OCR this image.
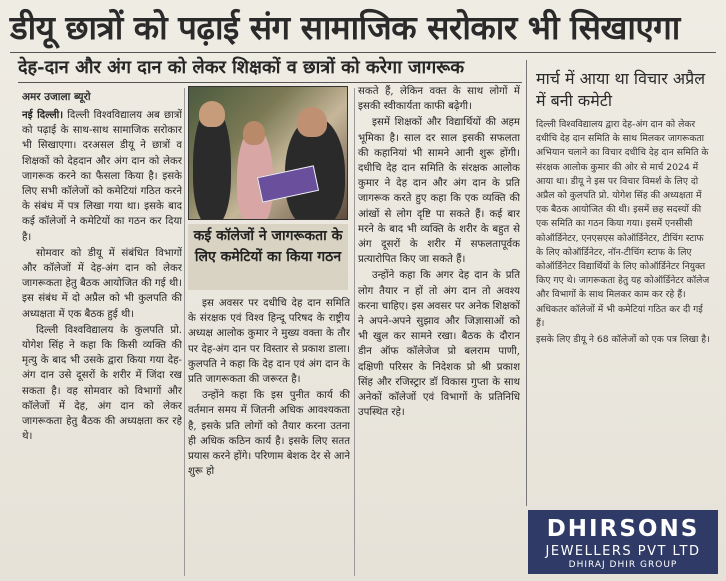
डीयू छात्रों को पढ़ाई संग सामाजिक सरोकार भी सिखाएगा
देह-दान और अंग दान को लेकर शिक्षकों व छात्रों को करेगा जागरूक
अमर उजाला ब्यूरो

नई दिल्ली। दिल्ली विश्वविद्यालय अब छात्रों को पढ़ाई के साथ-साथ सामाजिक सरोकार भी सिखाएगा। दरअसल डीयू ने छात्रों व शिक्षकों को देहदान और अंग दान को लेकर जागरूक करने का फैसला किया है। इसके लिए सभी कॉलेजों को कमेटियां गठित करने के संबंध में पत्र लिखा गया था। इसके बाद कई कॉलेजों ने कमेटियों का गठन कर दिया है।

सोमवार को डीयू में संबंधित विभागों और कॉलेजों में देह-अंग दान को लेकर जागरूकता हेतु बैठक आयोजित की गई थी। इस संबंध में दो अप्रैल को भी कुलपति की अध्यक्षता में एक बैठक हुई थी।

दिल्ली विश्वविद्यालय के कुलपति प्रो. योगेश सिंह ने कहा कि किसी व्यक्ति की मृत्यु के बाद भी उसके द्वारा किया गया देह-अंग दान उसे दूसरों के शरीर में जिंदा रख सकता है। वह सोमवार को विभागों और कॉलेजों में देह, अंग दान को लेकर जागरूकता हेतु बैठक की अध्यक्षता कर रहे थे।

कई कॉलेजों ने जागरूकता के लिए कमेटियों का किया गठन

इस अवसर पर दधीचि देह दान समिति के संरक्षक एवं विश्व हिन्दू परिषद के राष्ट्रीय अध्यक्ष आलोक कुमार ने मुख्य वक्ता के तौर पर देह-अंग दान पर विस्तार से प्रकाश डाला। कुलपति ने कहा कि देह दान एवं अंग दान के प्रति जागरूकता की जरूरत है।

उन्होंने कहा कि इस पुनीत कार्य की वर्तमान समय में जितनी अधिक आवश्यकता है, इसके प्रति लोगों को तैयार करना उतना ही अधिक कठिन कार्य है। इसके लिए सतत प्रयास करने होंगे। परिणाम बेशक देर से आने शुरू हो

सकते हैं, लेकिन वक्त के साथ लोगों में इसकी स्वीकार्यता काफी बढ़ेगी।

इसमें शिक्षकों और विद्यार्थियों की अहम भूमिका है। साल दर साल इसकी सफलता की कहानियां भी सामने आनी शुरू होंगी। दधीचि देह दान समिति के संरक्षक आलोक कुमार ने देह दान और अंग दान के प्रति जागरूक करते हुए कहा कि एक व्यक्ति की आंखों से लोग दृष्टि पा सकते हैं। कई बार मरने के बाद भी व्यक्ति के शरीर के बहुत से अंग दूसरों के शरीर में सफलतापूर्वक प्रत्यारोपित किए जा सकते हैं।

उन्होंने कहा कि अगर देह दान के प्रति लोग तैयार न हों तो अंग दान तो अवश्य करना चाहिए। इस अवसर पर अनेक शिक्षकों ने अपने-अपने सुझाव और जिज्ञासाओं को भी खुल कर सामने रखा। बैठक के दौरान डीन ऑफ कॉलेजेज प्रो बलराम पाणी, दक्षिणी परिसर के निदेशक प्रो श्री प्रकाश सिंह और रजिस्ट्रार डॉ विकास गुप्ता के साथ अनेकों कॉलेजों एवं विभागों के प्रतिनिधि उपस्थित रहे।

मार्च में आया था विचार अप्रैल में बनी कमेटी

दिल्ली विश्वविद्यालय द्वारा देह-अंग दान को लेकर दधीचि देह दान समिति के साथ मिलकर जागरूकता अभियान चलाने का विचार दधीचि देह दान समिति के संरक्षक आलोक कुमार की ओर से मार्च 2024 में आया था। डीयू ने इस पर विचार विमर्श के लिए दो अप्रैल को कुलपति प्रो. योगेश सिंह की अध्यक्षता में एक बैठक आयोजित की थी। इसमें छह सदस्यों की एक समिति का गठन किया गया। इसमें एनसीसी कोऑर्डिनेटर, एनएसएस कोऑर्डिनेटर, टीचिंग स्टाफ के लिए कोऑर्डिनेटर, नॉन-टीचिंग स्टाफ के लिए कोऑर्डिनेटर विद्यार्थियों के लिए कोऑर्डिनेटर नियुक्त किए गए थे। जागरूकता हेतु यह कोऑर्डिनेटर कॉलेज और विभागों के साथ मिलकर काम कर रहे हैं। अधिकतर कॉलेजों में भी कमेटियां गठित कर दी गई हैं।

इसके लिए डीयू ने 68 कॉलेजों को एक पत्र लिखा है।

DHIRSONS
JEWELLERS PVT LTD
DHIRAJ DHIR GROUP
